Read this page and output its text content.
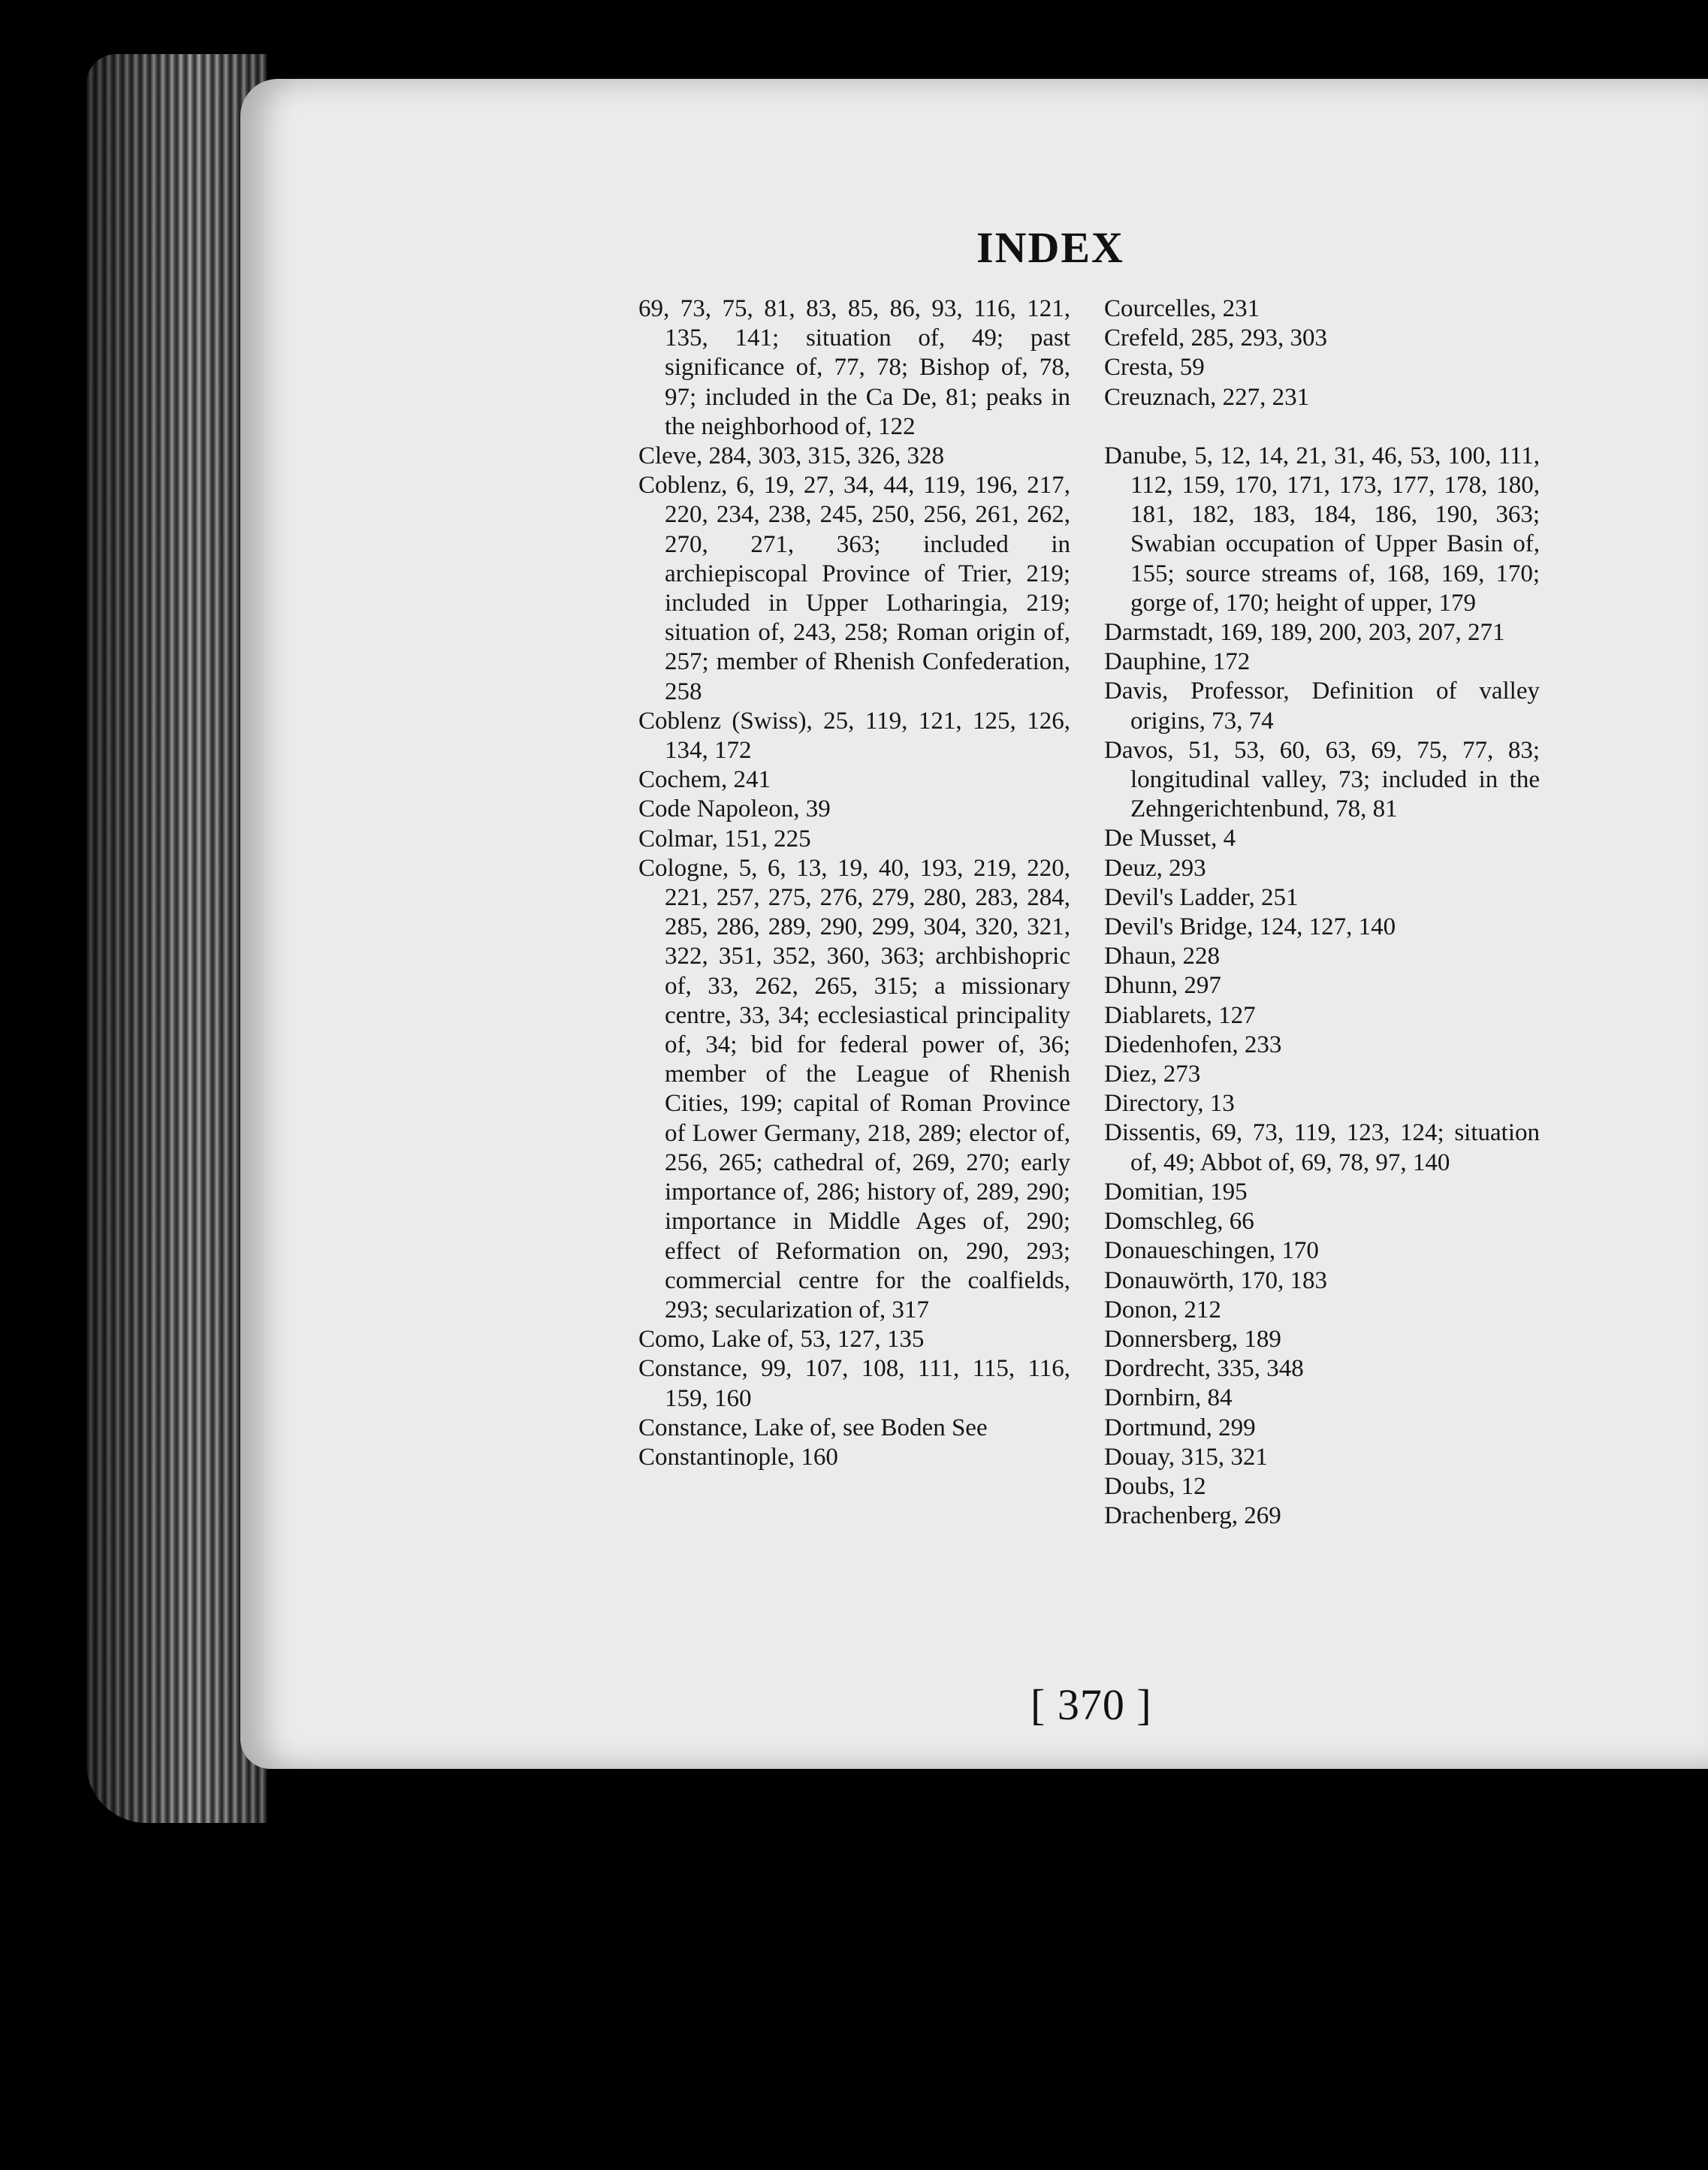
INDEX

69, 73, 75, 81, 83, 85, 86, 93, 116, 121, 135, 141; situation of, 49; past significance of, 77, 78; Bishop of, 78, 97; included in the Ca De, 81; peaks in the neighborhood of, 122

Cleve, 284, 303, 315, 326, 328

Coblenz, 6, 19, 27, 34, 44, 119, 196, 217, 220, 234, 238, 245, 250, 256, 261, 262, 270, 271, 363; included in archiepiscopal Province of Trier, 219; included in Upper Lotharingia, 219; situation of, 243, 258; Roman origin of, 257; member of Rhenish Confederation, 258

Coblenz (Swiss), 25, 119, 121, 125, 126, 134, 172

Cochem, 241

Code Napoleon, 39

Colmar, 151, 225

Cologne, 5, 6, 13, 19, 40, 193, 219, 220, 221, 257, 275, 276, 279, 280, 283, 284, 285, 286, 289, 290, 299, 304, 320, 321, 322, 351, 352, 360, 363; archbishopric of, 33, 262, 265, 315; a missionary centre, 33, 34; ecclesiastical principality of, 34; bid for federal power of, 36; member of the League of Rhenish Cities, 199; capital of Roman Province of Lower Germany, 218, 289; elector of, 256, 265; cathedral of, 269, 270; early importance of, 286; history of, 289, 290; importance in Middle Ages of, 290; effect of Reformation on, 290, 293; commercial centre for the coalfields, 293; secularization of, 317

Como, Lake of, 53, 127, 135

Constance, 99, 107, 108, 111, 115, 116, 159, 160

Constance, Lake of, see Boden See

Constantinople, 160

Courcelles, 231

Crefeld, 285, 293, 303

Cresta, 59

Creuznach, 227, 231

Danube, 5, 12, 14, 21, 31, 46, 53, 100, 111, 112, 159, 170, 171, 173, 177, 178, 180, 181, 182, 183, 184, 186, 190, 363; Swabian occupation of Upper Basin of, 155; source streams of, 168, 169, 170; gorge of, 170; height of upper, 179

Darmstadt, 169, 189, 200, 203, 207, 271

Dauphine, 172

Davis, Professor, Definition of valley origins, 73, 74

Davos, 51, 53, 60, 63, 69, 75, 77, 83; longitudinal valley, 73; included in the Zehngerichtenbund, 78, 81

De Musset, 4

Deuz, 293

Devil's Ladder, 251

Devil's Bridge, 124, 127, 140

Dhaun, 228

Dhunn, 297

Diablarets, 127

Diedenhofen, 233

Diez, 273

Directory, 13

Dissentis, 69, 73, 119, 123, 124; situation of, 49; Abbot of, 69, 78, 97, 140

Domitian, 195

Domschleg, 66

Donaueschingen, 170

Donauwörth, 170, 183

Donon, 212

Donnersberg, 189

Dordrecht, 335, 348

Dornbirn, 84

Dortmund, 299

Douay, 315, 321

Doubs, 12

Drachenberg, 269

[ 370 ]
